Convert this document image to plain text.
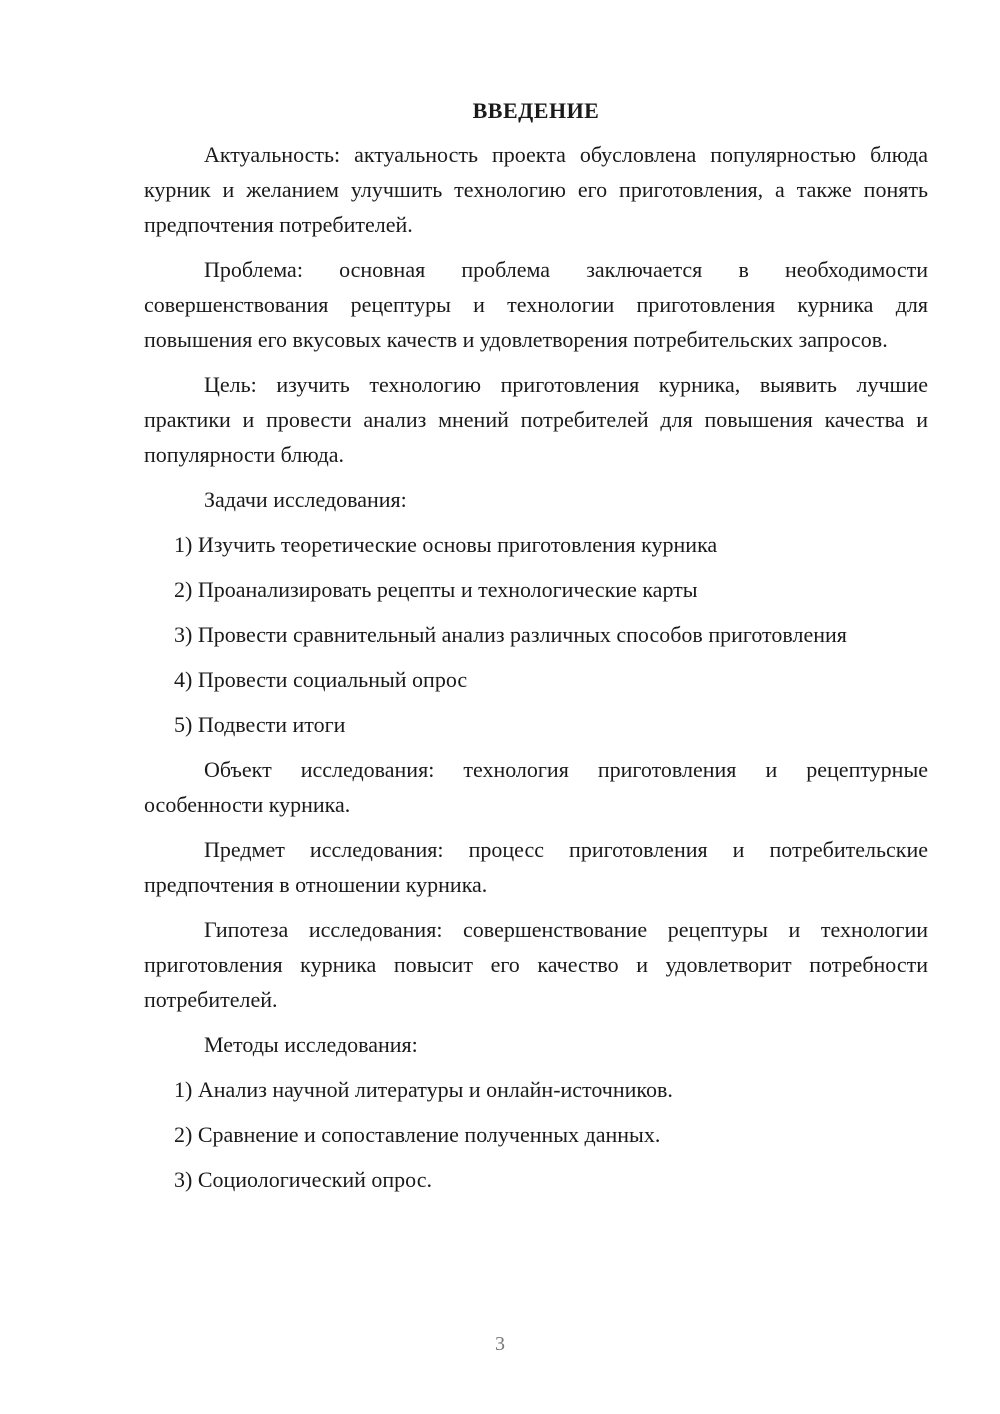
ВВЕДЕНИЕ

Актуальность: актуальность проекта обусловлена популярностью блюда курник и желанием улучшить технологию его приготовления, а также понять предпочтения потребителей.

Проблема: основная проблема заключается в необходимости совершенствования рецептуры и технологии приготовления курника для повышения его вкусовых качеств и удовлетворения потребительских запросов.

Цель: изучить технологию приготовления курника, выявить лучшие практики и провести анализ мнений потребителей для повышения качества и популярности блюда.

Задачи исследования:

1) Изучить теоретические основы приготовления курника

2) Проанализировать рецепты и технологические карты

3) Провести сравнительный анализ различных способов приготовления

4) Провести социальный опрос

5) Подвести итоги

Объект исследования: технология приготовления и рецептурные особенности курника.

Предмет исследования: процесс приготовления и потребительские предпочтения в отношении курника.

Гипотеза исследования: совершенствование рецептуры и технологии приготовления курника повысит его качество и удовлетворит потребности потребителей.

Методы исследования:

1) Анализ научной литературы и онлайн-источников.

2) Сравнение и сопоставление полученных данных.

3) Социологический опрос.

3
